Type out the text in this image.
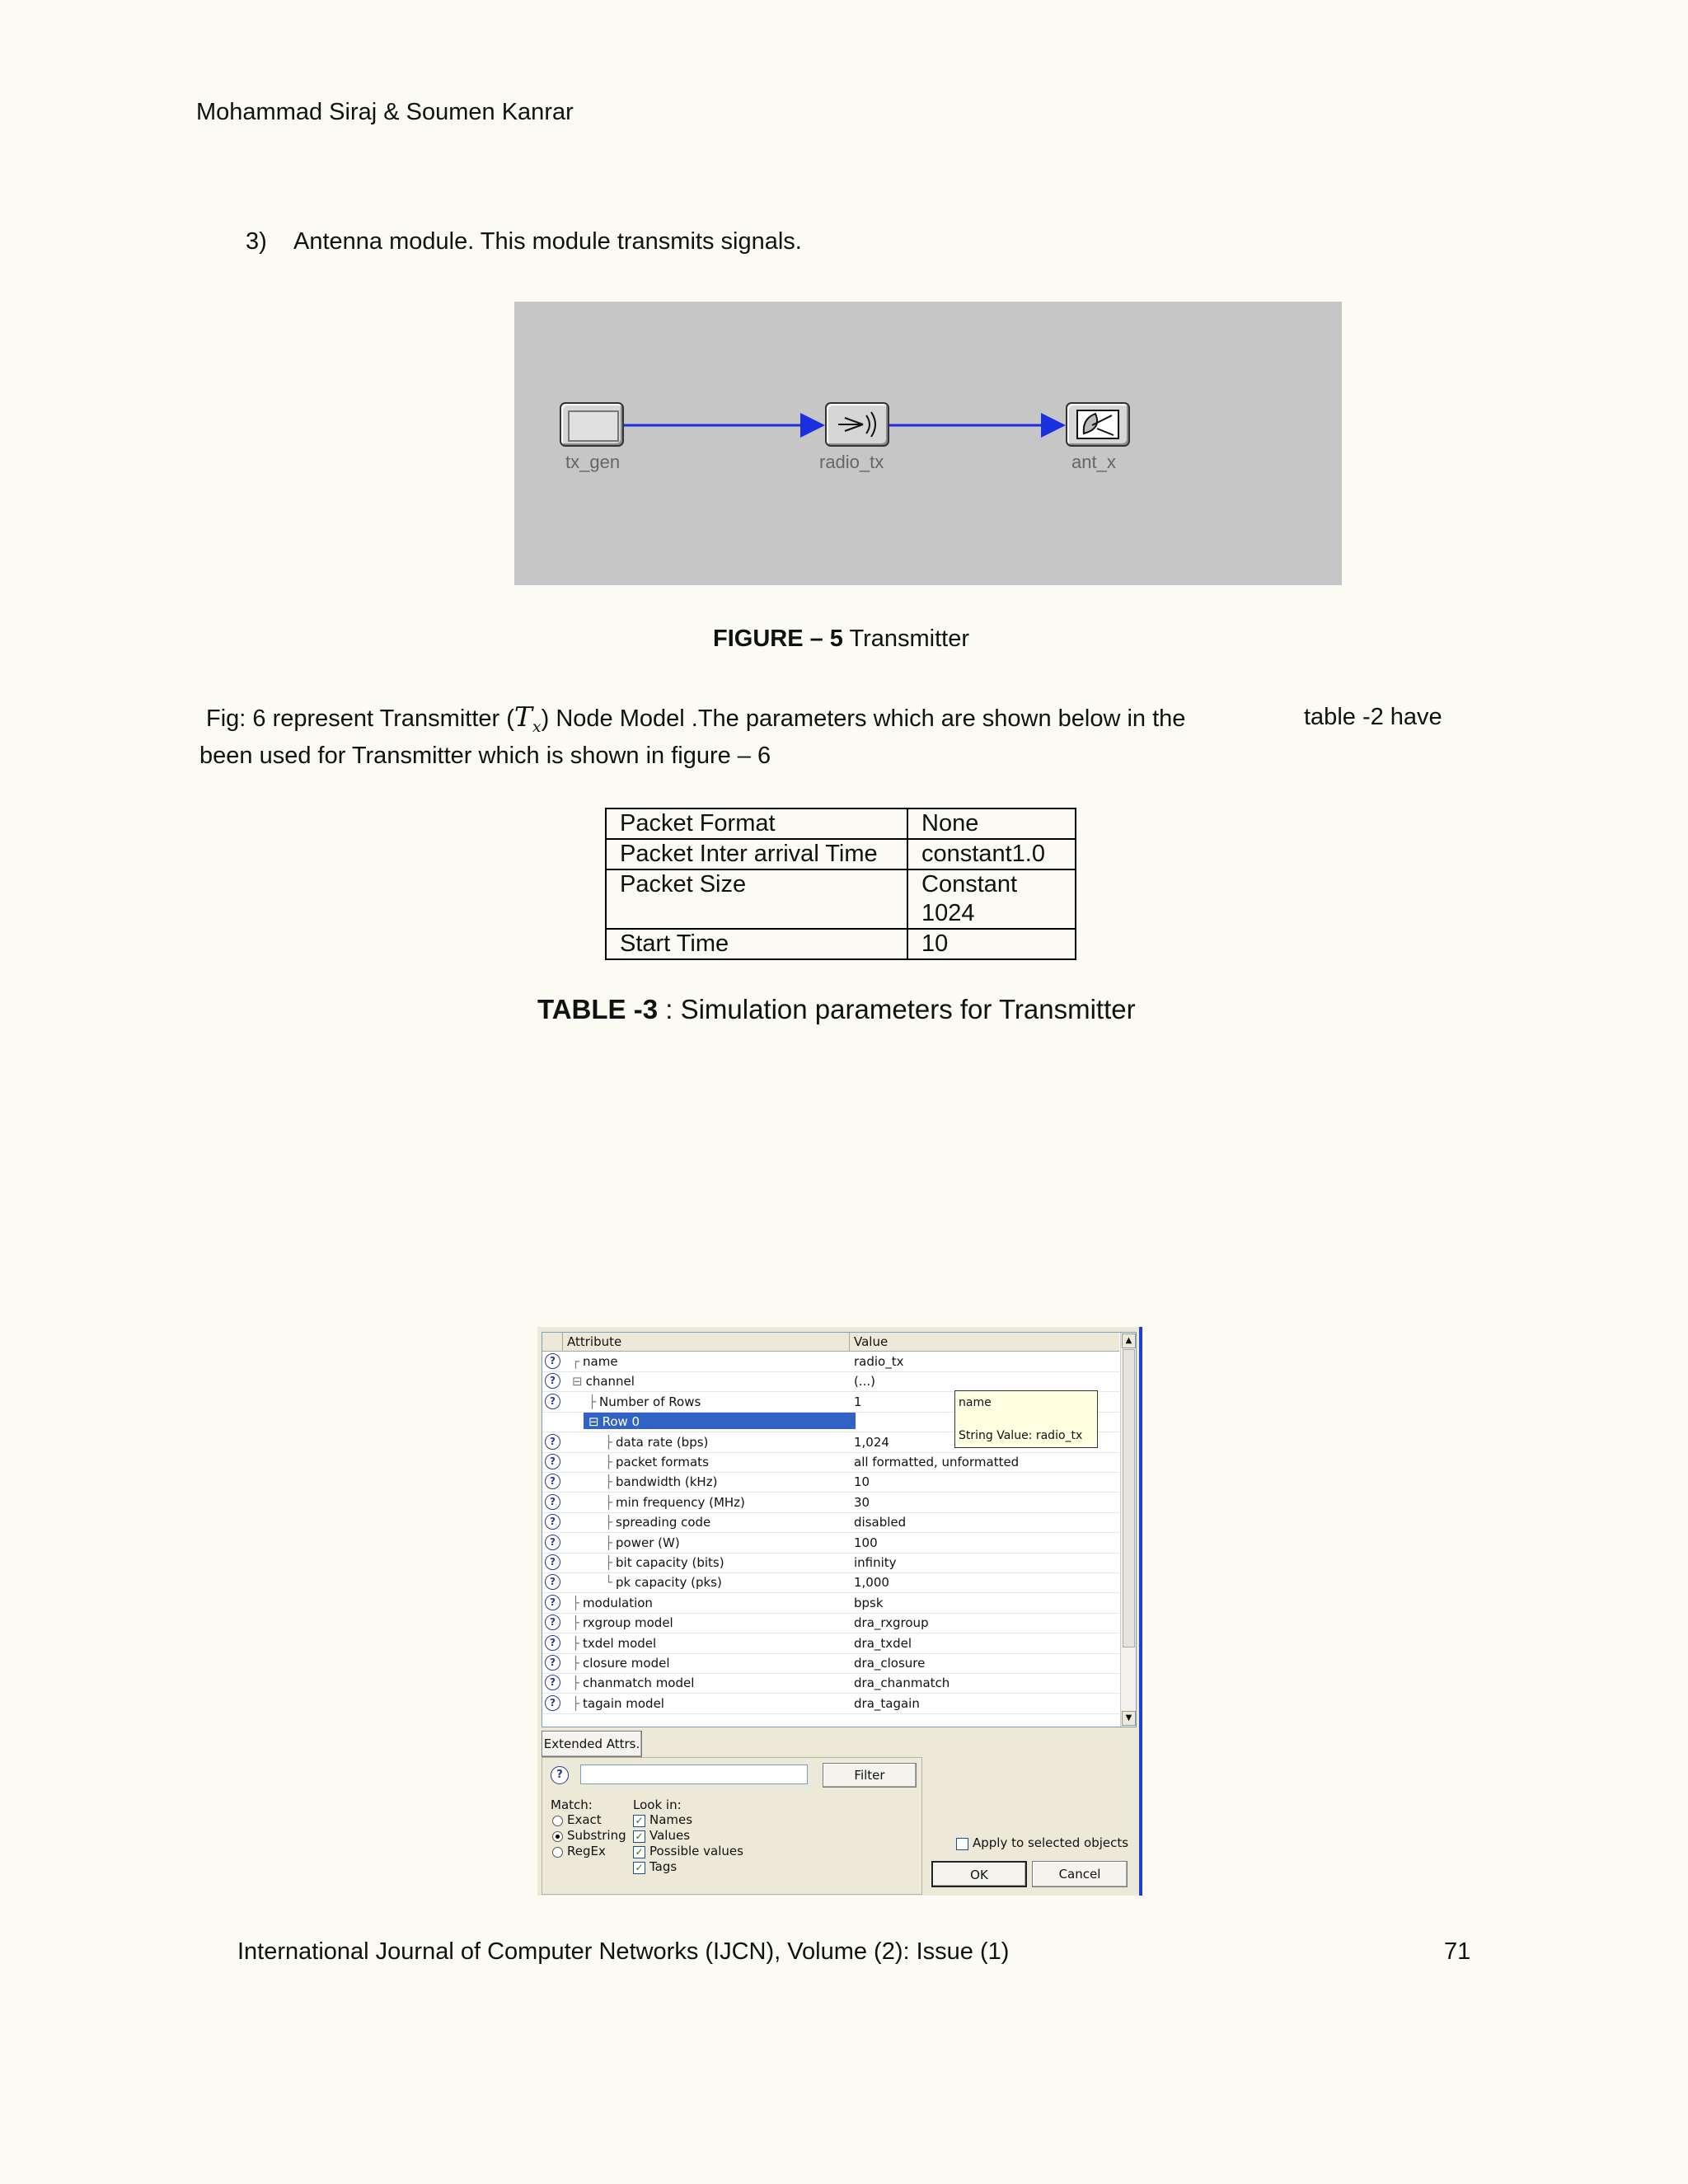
Mohammad Siraj & Soumen Kanrar
3) Antenna module. This module transmits signals.
tx_gen	radio_tx	ant_x
FIGURE – 5 Transmitter
Fig: 6 represent Transmitter $(T_x)$ Node Model .The parameters which are shown below in the	table -2 have
been used for Transmitter which is shown in figure – 6
Packet Format	None
Packet Inter arrival Time	constant1.0
Packet Size	Constant 1024
Start Time	10
TABLE -3 : Simulation parameters for Transmitter
Attribute	Value
?	┌ name	radio_tx
?	⊟ channel	(...)
?	├ Number of Rows	1
⊟ Row 0
?	├ data rate (bps)	1,024
?	├ packet formats	all formatted, unformatted
?	├ bandwidth (kHz)	10
?	├ min frequency (MHz)	30
?	├ spreading code	disabled
?	├ power (W)	100
?	├ bit capacity (bits)	infinity
?	└ pk capacity (pks)	1,000
?	├ modulation	bpsk
?	├ rxgroup model	dra_rxgroup
?	├ txdel model	dra_txdel
?	├ closure model	dra_closure
?	├ chanmatch model	dra_chanmatch
?	├ tagain model	dra_tagain
name
String Value: radio_tx
▲
▼
Extended Attrs.
?	Filter
Match:
Exact
Substring
RegEx
Look in:
✓ Names
✓ Values
✓ Possible values
✓ Tags
Apply to selected objects
OK	Cancel
International Journal of Computer Networks (IJCN), Volume (2): Issue (1)	71
